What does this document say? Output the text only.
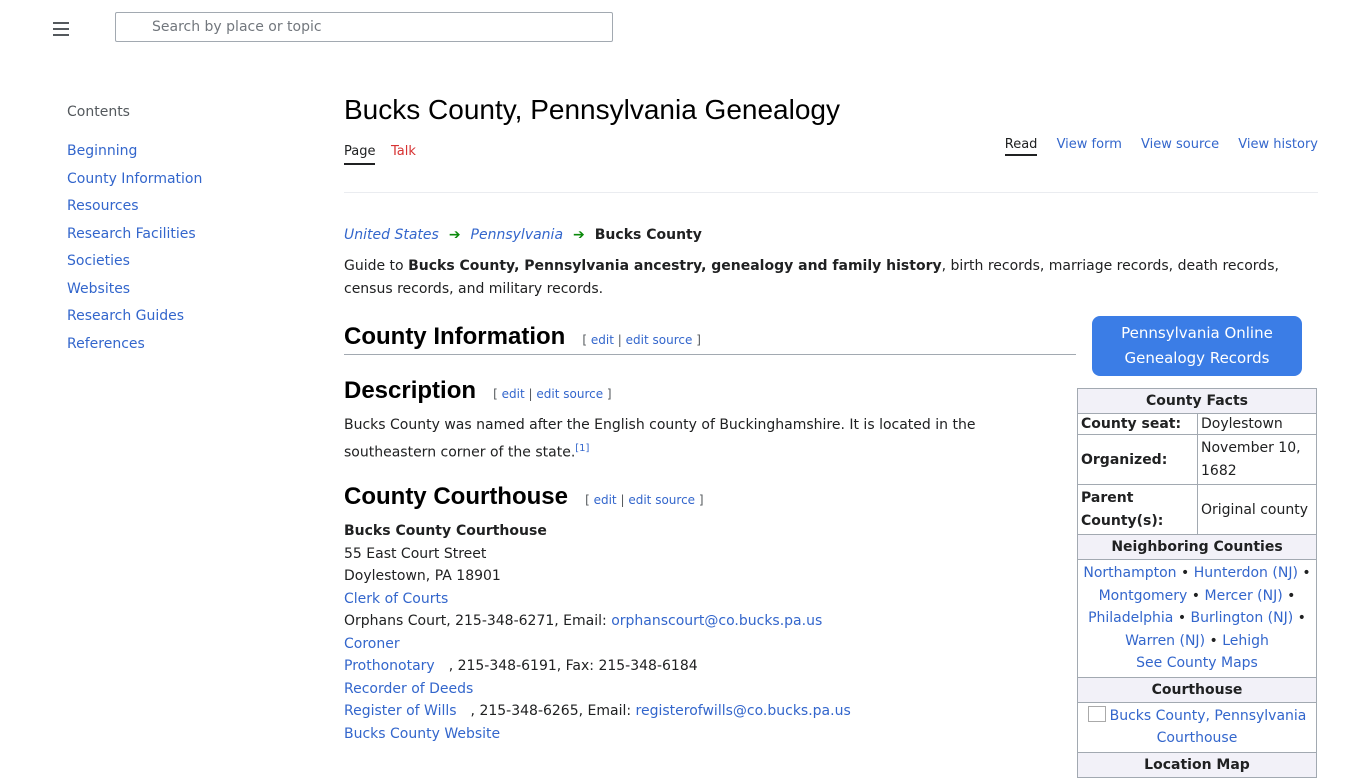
Search by place or topic
Contents
Beginning
County Information
Resources
Research Facilities
Societies
Websites
Research Guides
References
Bucks County, Pennsylvania Genealogy
Page Talk	Read View form View source View history
United States ➔ Pennsylvania ➔ Bucks County
Guide to Bucks County, Pennsylvania ancestry, genealogy and family history, birth records, marriage records, death records, census records, and military records.
County Information [ edit | edit source ]
Description [ edit | edit source ]
Bucks County was named after the English county of Buckinghamshire. It is located in the southeastern corner of the state.[1]
County Courthouse [ edit | edit source ]
Bucks County Courthouse
55 East Court Street
Doylestown, PA 18901
Clerk of Courts
Orphans Court, 215-348-6271, Email: orphanscourt@co.bucks.pa.us
Coroner
Prothonotary , 215-348-6191, Fax: 215-348-6184
Recorder of Deeds
Register of Wills , 215-348-6265, Email: registerofwills@co.bucks.pa.us
Bucks County Website
Pennsylvania Online Genealogy Records
County Facts	
County seat:	Doylestown
Organized:	November 10, 1682
Parent County(s):	Original county
Neighboring Counties	
Northampton • Hunterdon (NJ) • Montgomery • Mercer (NJ) • Philadelphia • Burlington (NJ) • Warren (NJ) • Lehigh
See County Maps	
Courthouse	
Bucks County, Pennsylvania Courthouse	
Location Map	
